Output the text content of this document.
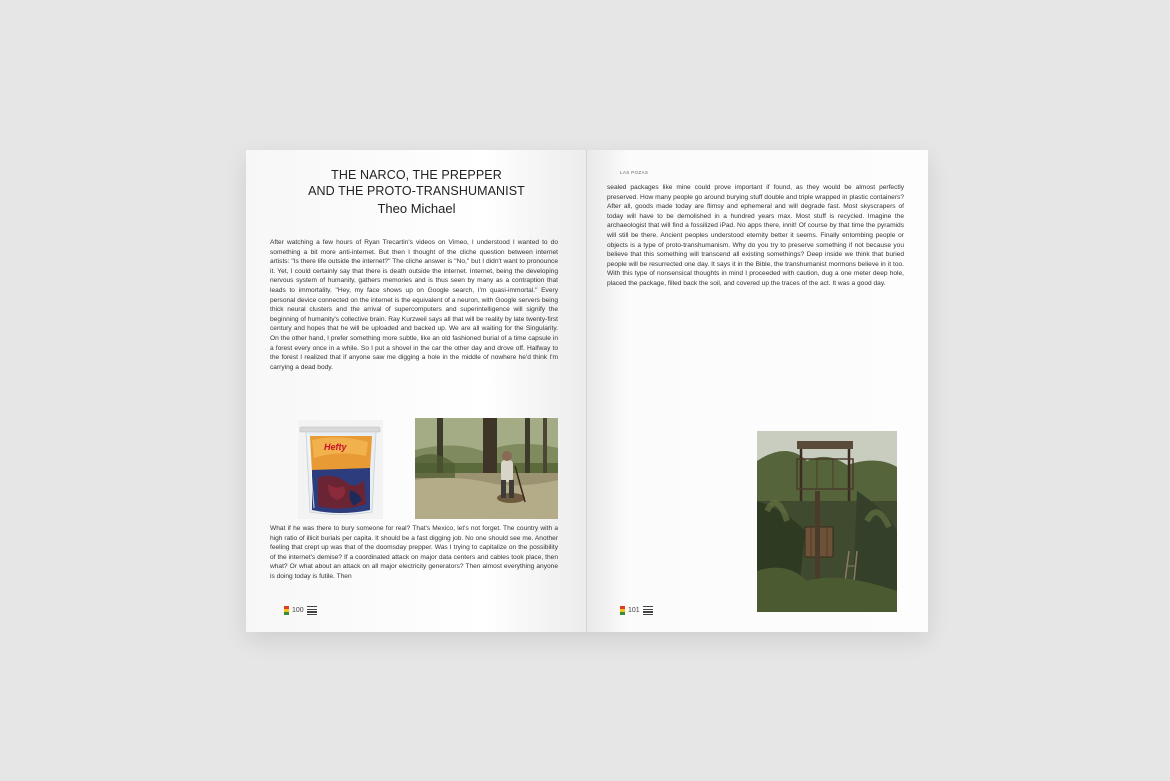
THE NARCO, THE PREPPER
AND THE PROTO-TRANSHUMANIST
Theo Michael
After watching a few hours of Ryan Trecartin's videos on Vimeo, I understood I wanted to do something a bit more anti-internet. But then I thought of the cliche question between internet artists: "Is there life outside the internet?" The cliche answer is "No," but I didn't want to pronounce it. Yet, I could certainly say that there is death outside the internet. Internet, being the developing nervous system of humanity, gathers memories and is thus seen by many as a contraption that leads to immortality. "Hey, my face shows up on Google search, I'm quasi-immortal." Every personal device connected on the internet is the equivalent of a neuron, with Google servers being thick neural clusters and the arrival of supercomputers and superintelligence will signify the beginning of humanity's collective brain. Ray Kurzweil says all that will be reality by late twenty-first century and hopes that he will be uploaded and backed up. We are all waiting for the Singularity. On the other hand, I prefer something more subtle, like an old fashioned burial of a time capsule in a forest every once in a while. So I put a shovel in the car the other day and drove off. Halfway to the forest I realized that if anyone saw me digging a hole in the middle of nowhere he'd think I'm carrying a dead body.
Hefty
What if he was there to bury someone for real? That's Mexico, let's not forget. The country with a high ratio of illicit burials per capita. It should be a fast digging job. No one should see me. Another feeling that crept up was that of the doomsday prepper. Was I trying to capitalize on the possibility of the internet's demise? If a coordinated attack on major data centers and cables took place, then what? Or what about an attack on all major electricity generators? Then almost everything anyone is doing today is futile. Then
100
LAS POZAS
sealed packages like mine could prove important if found, as they would be almost perfectly preserved. How many people go around burying stuff double and triple wrapped in plastic containers? After all, goods made today are flimsy and ephemeral and will degrade fast. Most skyscrapers of today will have to be demolished in a hundred years max. Most stuff is recycled. Imagine the archaeologist that will find a fossilized iPad. No apps there, innit! Of course by that time the pyramids will still be there. Ancient peoples understood eternity better it seems. Finally entombing people or objects is a type of proto-transhumanism. Why do you try to preserve something if not because you believe that this something will transcend all existing somethings? Deep inside we think that buried people will be resurrected one day. It says it in the Bible, the transhumanist mormons believe in it too. With this type of nonsensical thoughts in mind I proceeded with caution, dug a one meter deep hole, placed the package, filled back the soil, and covered up the traces of the act. It was a good day.
101
